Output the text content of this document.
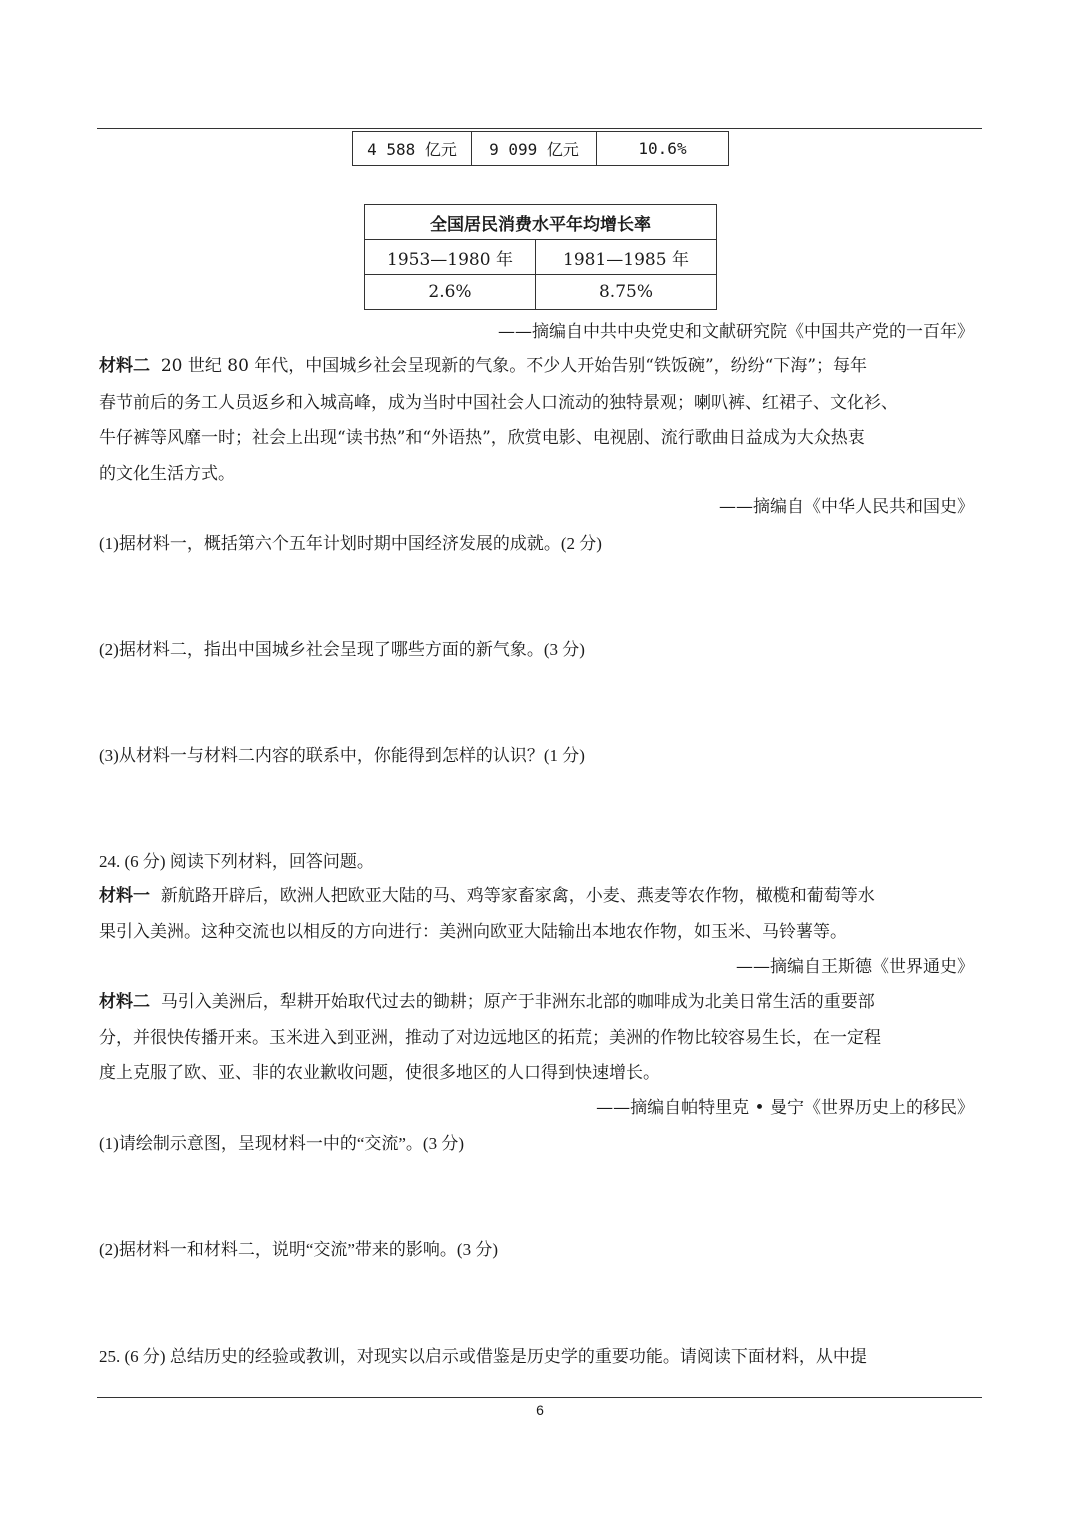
4 588 亿元	9 099 亿元	10.6%
全国居民消费水平年均增长率	
1953—1980 年	1981—1985 年
2.6%	8.75%
——摘编自中共中央党史和文献研究院《中国共产党的一百年》
材料二 20 世纪 80 年代，中国城乡社会呈现新的气象。不少人开始告别“铁饭碗”，纷纷“下海”；每年
春节前后的务工人员返乡和入城高峰，成为当时中国社会人口流动的独特景观；喇叭裤、红裙子、文化衫、
牛仔裤等风靡一时；社会上出现“读书热”和“外语热”，欣赏电影、电视剧、流行歌曲日益成为大众热衷
的文化生活方式。
——摘编自《中华人民共和国史》
(1)据材料一，概括第六个五年计划时期中国经济发展的成就。(2 分)
(2)据材料二，指出中国城乡社会呈现了哪些方面的新气象。(3 分)
(3)从材料一与材料二内容的联系中，你能得到怎样的认识？(1 分)
24. (6 分) 阅读下列材料，回答问题。
材料一 新航路开辟后，欧洲人把欧亚大陆的马、鸡等家畜家禽，小麦、燕麦等农作物，橄榄和葡萄等水
果引入美洲。这种交流也以相反的方向进行：美洲向欧亚大陆输出本地农作物，如玉米、马铃薯等。
——摘编自王斯德《世界通史》
材料二 马引入美洲后，犁耕开始取代过去的锄耕；原产于非洲东北部的咖啡成为北美日常生活的重要部
分，并很快传播开来。玉米进入到亚洲，推动了对边远地区的拓荒；美洲的作物比较容易生长，在一定程
度上克服了欧、亚、非的农业歉收问题，使很多地区的人口得到快速增长。
——摘编自帕特里克 • 曼宁《世界历史上的移民》
(1)请绘制示意图，呈现材料一中的“交流”。(3 分)
(2)据材料一和材料二，说明“交流”带来的影响。(3 分)
25. (6 分) 总结历史的经验或教训，对现实以启示或借鉴是历史学的重要功能。请阅读下面材料，从中提
6
